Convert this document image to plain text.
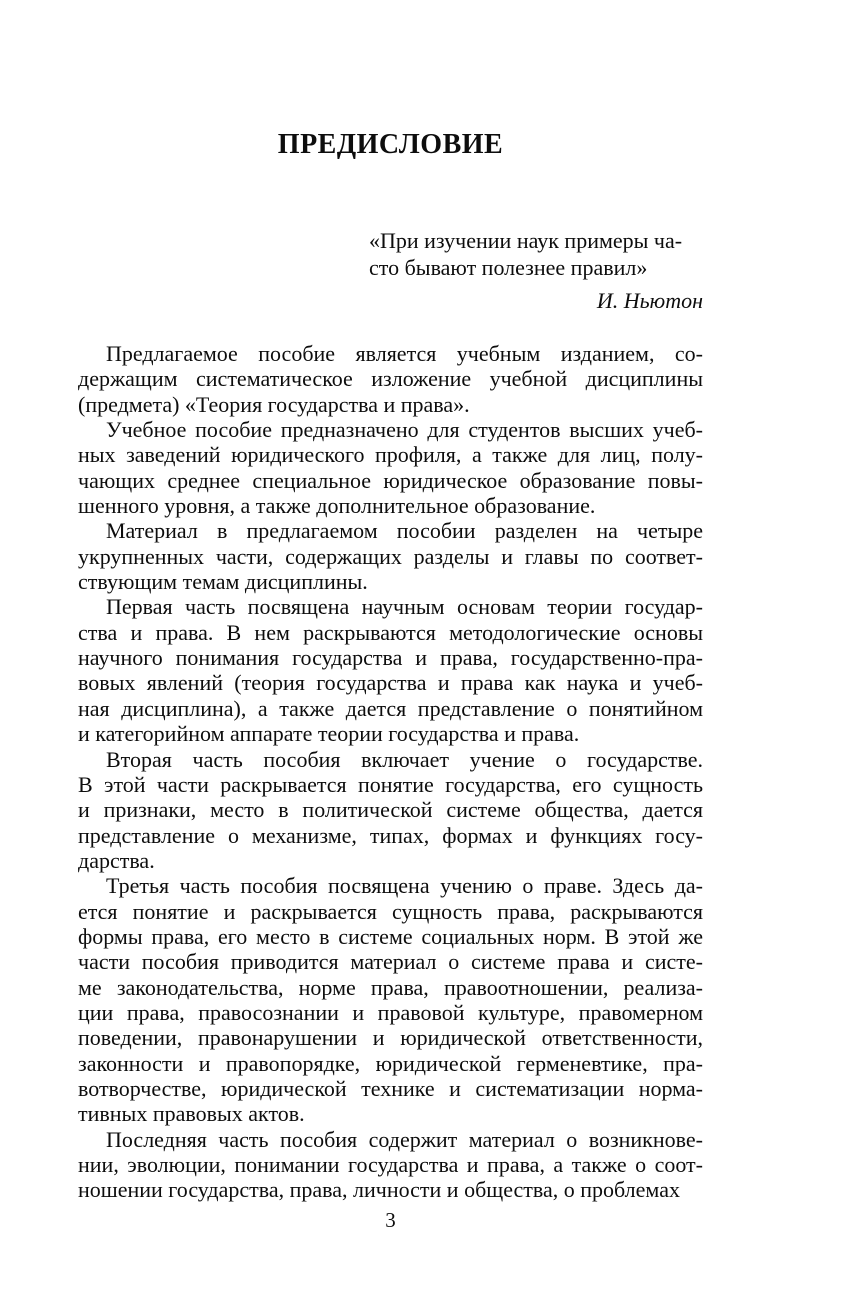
ПРЕДИСЛОВИЕ
«При изучении наук примеры ча-
сто бывают полезнее правил»
И. Ньютон
Предлагаемое пособие является учебным изданием, со-
держащим систематическое изложение учебной дисциплины
(предмета) «Теория государства и права».
Учебное пособие предназначено для студентов высших учеб-
ных заведений юридического профиля, а также для лиц, полу-
чающих среднее специальное юридическое образование повы-
шенного уровня, а также дополнительное образование.
Материал в предлагаемом пособии разделен на четыре
укрупненных части, содержащих разделы и главы по соответ-
ствующим темам дисциплины.
Первая часть посвящена научным основам теории государ-
ства и права. В нем раскрываются методологические основы
научного понимания государства и права, государственно-пра-
вовых явлений (теория государства и права как наука и учеб-
ная дисциплина), а также дается представление о понятийном
и категорийном аппарате теории государства и права.
Вторая часть пособия включает учение о государстве.
В этой части раскрывается понятие государства, его сущность
и признаки, место в политической системе общества, дается
представление о механизме, типах, формах и функциях госу-
дарства.
Третья часть пособия посвящена учению о праве. Здесь да-
ется понятие и раскрывается сущность права, раскрываются
формы права, его место в системе социальных норм. В этой же
части пособия приводится материал о системе права и систе-
ме законодательства, норме права, правоотношении, реализа-
ции права, правосознании и правовой культуре, правомерном
поведении, правонарушении и юридической ответственности,
законности и правопорядке, юридической герменевтике, пра-
вотворчестве, юридической технике и систематизации норма-
тивных правовых актов.
Последняя часть пособия содержит материал о возникнове-
нии, эволюции, понимании государства и права, а также о соот-
ношении государства, права, личности и общества, о проблемах
3
